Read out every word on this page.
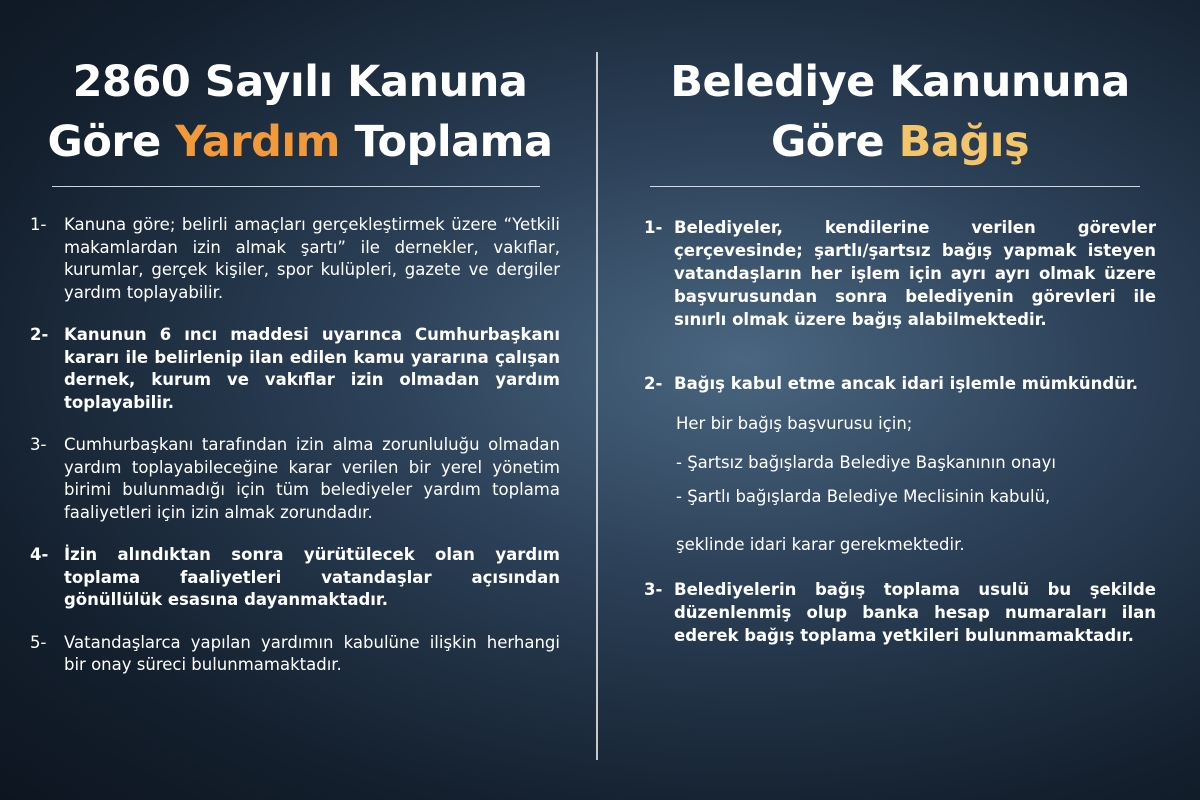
2860 Sayılı Kanuna
Göre Yardım Toplama
Belediye Kanununa
Göre Bağış
1-	Kanuna göre; belirli amaçları gerçekleştirmek üzere “Yetkili makamlardan izin almak şartı” ile dernekler, vakıflar, kurumlar, gerçek kişiler, spor kulüpleri, gazete ve dergiler yardım toplayabilir.
2- Kanunun 6 ıncı maddesi uyarınca Cumhurbaşkanı kararı ile belirlenip ilan edilen kamu yararına çalışan dernek, kurum ve vakıflar izin olmadan yardım toplayabilir.
3-	Cumhurbaşkanı tarafından izin alma zorunluluğu olmadan yardım toplayabileceğine karar verilen bir yerel yönetim birimi bulunmadığı için tüm belediyeler yardım toplama faaliyetleri için izin almak zorundadır.
4- İzin alındıktan sonra yürütülecek olan yardım toplama faaliyetleri vatandaşlar açısından gönüllülük esasına dayanmaktadır.
5-	Vatandaşlarca yapılan yardımın kabulüne ilişkin herhangi bir onay süreci bulunmamaktadır.
1- Belediyeler, kendilerine verilen görevler çerçevesinde; şartlı/şartsız bağış yapmak isteyen vatandaşların her işlem için ayrı ayrı olmak üzere başvurusundan sonra belediyenin görevleri ile sınırlı olmak üzere bağış alabilmektedir.
2- Bağış kabul etme ancak idari işlemle mümkündür.
Her bir bağış başvurusu için;
- Şartsız bağışlarda Belediye Başkanının onayı
- Şartlı bağışlarda Belediye Meclisinin kabulü,
şeklinde idari karar gerekmektedir.
3- Belediyelerin bağış toplama usulü bu şekilde düzenlenmiş olup banka hesap numaraları ilan ederek bağış toplama yetkileri bulunmamaktadır.
